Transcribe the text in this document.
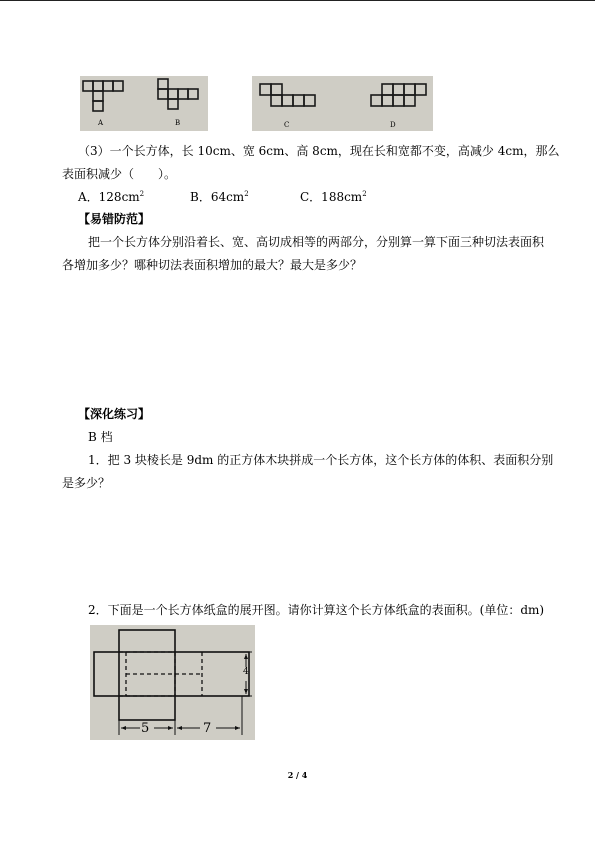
A	B	C	D
（3）一个长方体，长 10cm、宽 6cm、高 8cm，现在长和宽都不变，高减少 4cm，那么
表面积减少（　　）。
A．$128cm^2$	B．$64cm^2$	C．$188cm^2$
【易错防范】
把一个长方体分别沿着长、宽、高切成相等的两部分，分别算一算下面三种切法表面积
各增加多少？哪种切法表面积增加的最大？最大是多少？
【深化练习】
B 档
1．把 3 块棱长是 9dm 的正方体木块拼成一个长方体，这个长方体的体积、表面积分别
是多少？
2．下面是一个长方体纸盒的展开图。请你计算这个长方体纸盒的表面积。(单位：dm)
5	7
4
2 / 4
